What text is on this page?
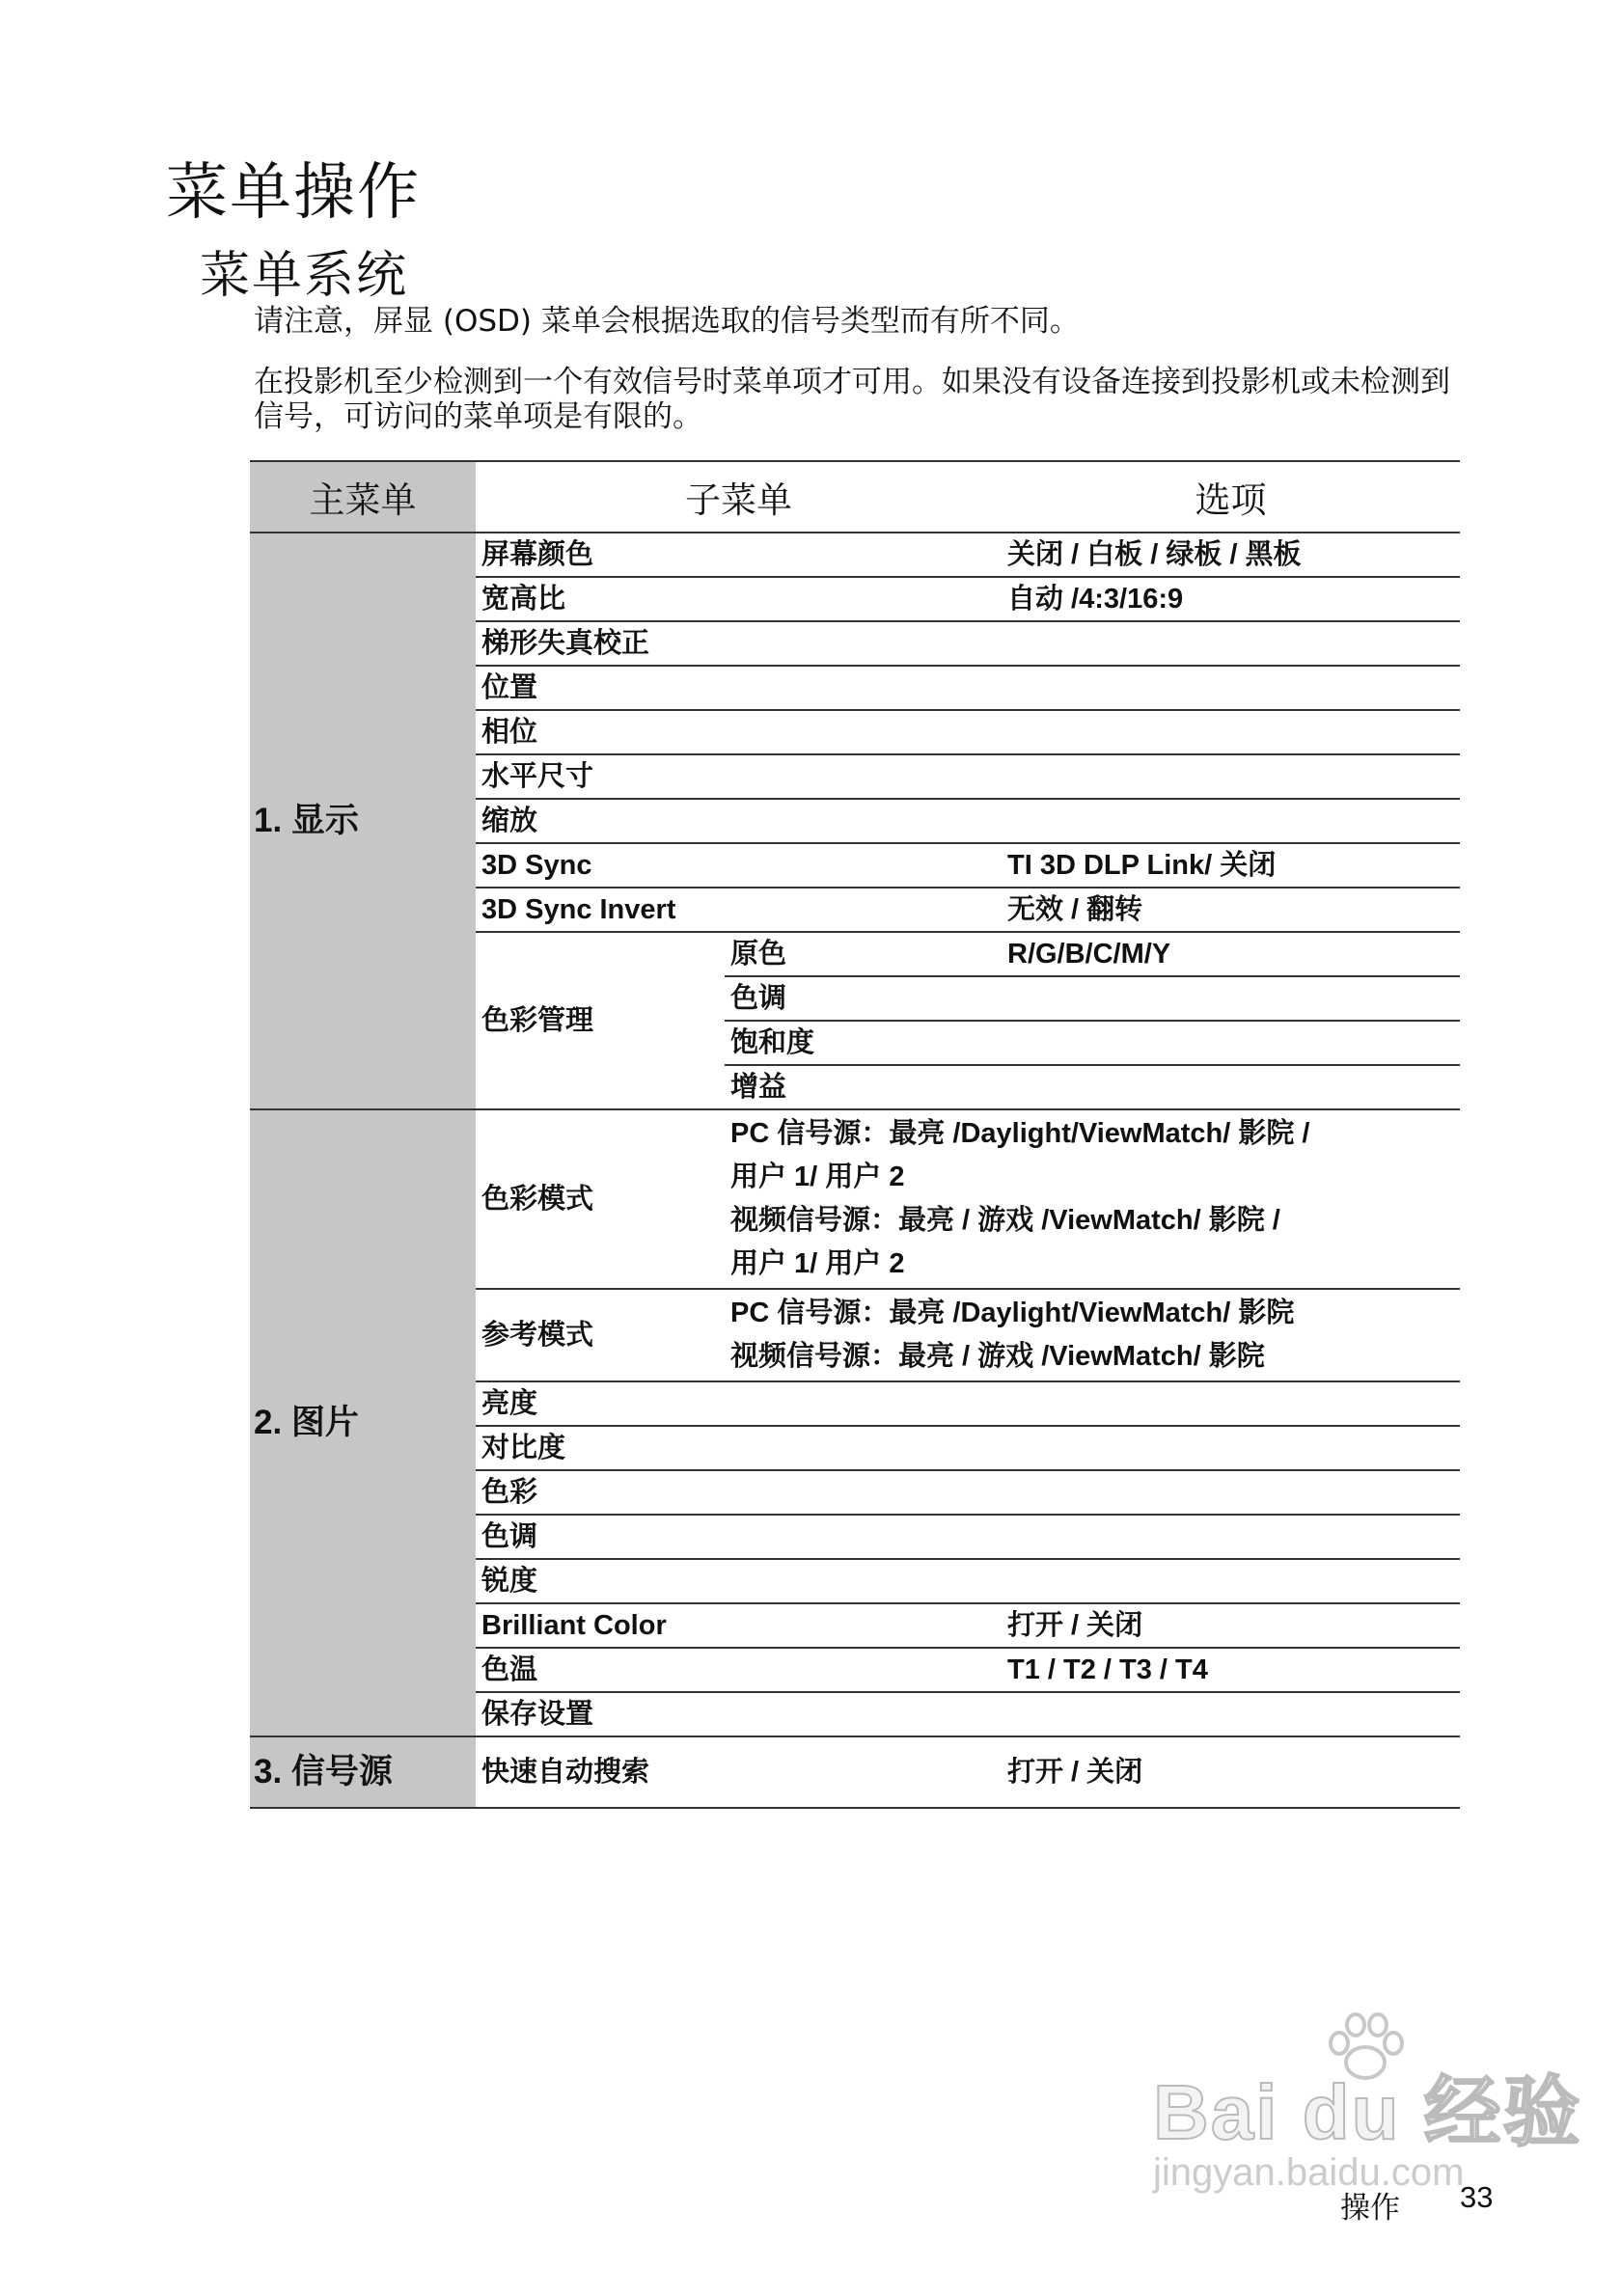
菜单操作
菜单系统
请注意，屏显 (OSD) 菜单会根据选取的信号类型而有所不同。
在投影机至少检测到一个有效信号时菜单项才可用。如果没有设备连接到投影机或未检测到信号，可访问的菜单项是有限的。
主菜单	子菜单		选项
1. 显示	屏幕颜色		关闭 / 白板 / 绿板 / 黑板
	宽高比		自动 /4:3/16:9
	梯形失真校正		
	位置		
	相位		
	水平尺寸		
	缩放		
	3D Sync		TI 3D DLP Link/ 关闭
	3D Sync Invert		无效 / 翻转
	色彩管理	原色	R/G/B/C/M/Y
		色调	
		饱和度	
		增益	
2. 图片	色彩模式	PC 信号源：最亮 /Daylight/ViewMatch/ 影院 /
用户 1/ 用户 2
视频信号源：最亮 / 游戏 /ViewMatch/ 影院 /
用户 1/ 用户 2	

	参考模式	PC 信号源：最亮 /Daylight/ViewMatch/ 影院
视频信号源：最亮 / 游戏 /ViewMatch/ 影院	

	亮度		
	对比度		
	色彩		
	色调		
	锐度		
	Brilliant Color		打开 / 关闭
	色温		T1 / T2 / T3 / T4
	保存设置		
3. 信号源	快速自动搜索		打开 / 关闭
Bai du 经验
jingyan.baidu.com
操作 33
